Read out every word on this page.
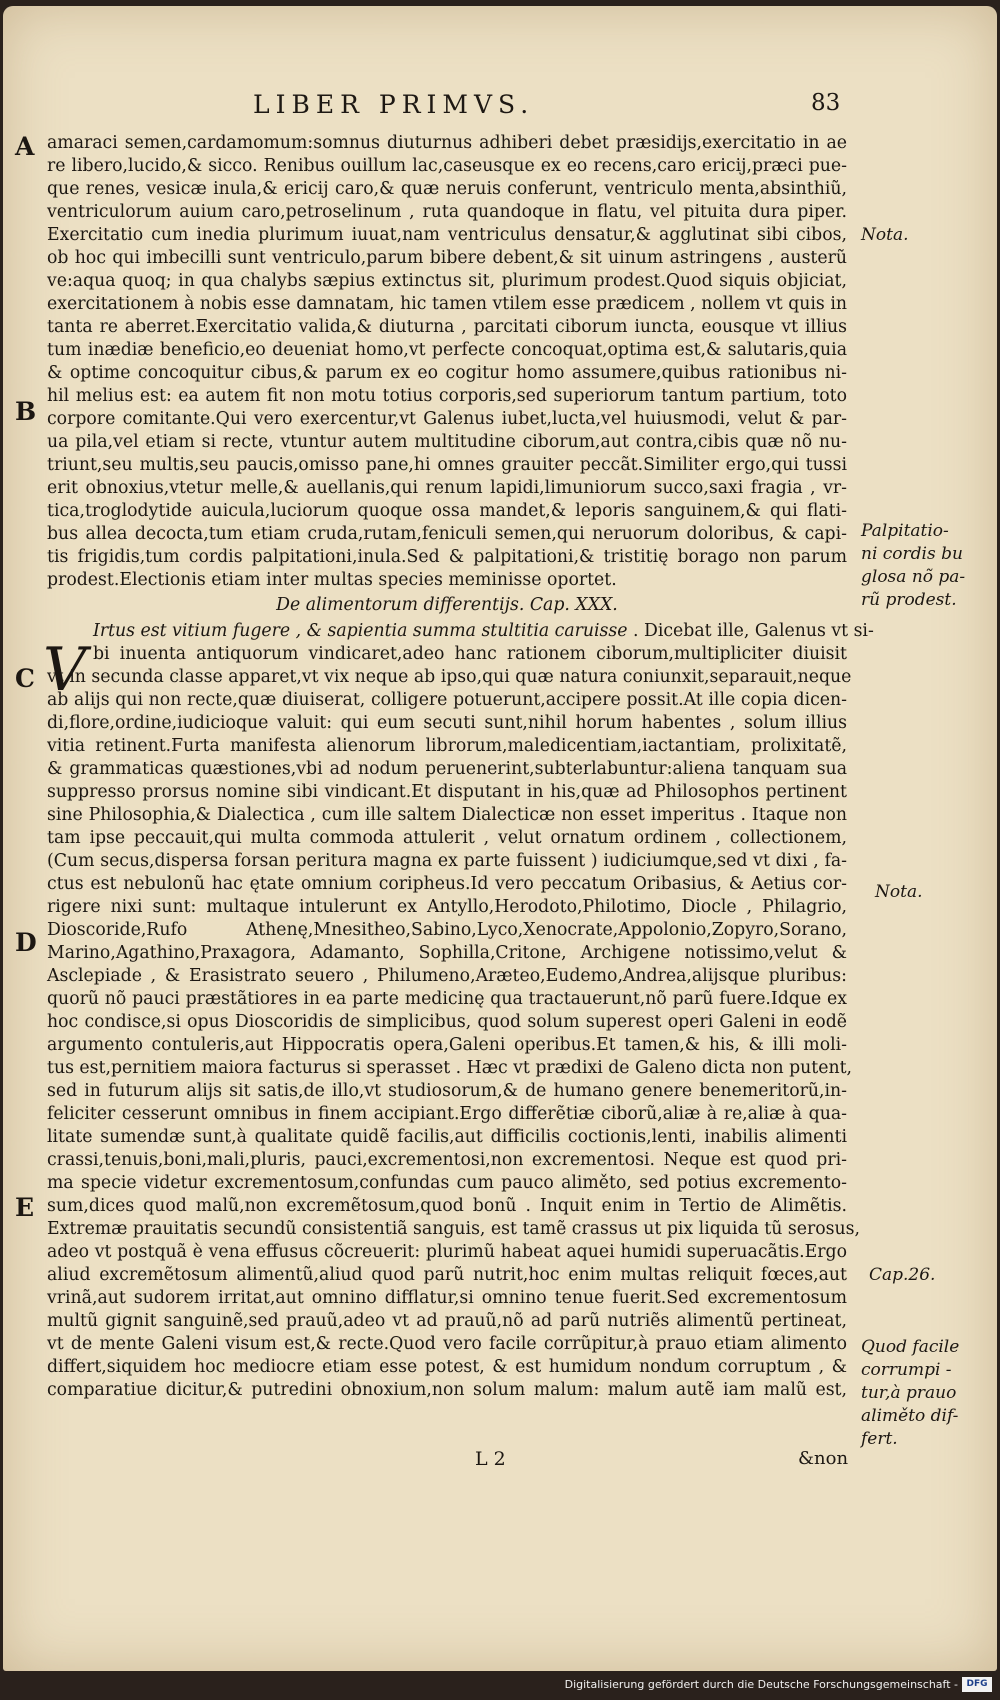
LIBER PRIMVS.	83
A
B
C
D
E
amaraci semen,cardamomum:somnus diuturnus adhiberi debet præsidijs,exercitatio in ae
re libero,lucido,& sicco. Renibus ouillum lac,caseusque ex eo recens,caro ericij,præci pue-
que renes, vesicæ inula,& ericij caro,& quæ neruis conferunt, ventriculo menta,absinthiũ,
ventriculorum auium caro,petroselinum , ruta quandoque in flatu, vel pituita dura piper.
Exercitatio cum inedia plurimum iuuat,nam ventriculus densatur,& agglutinat sibi cibos,
ob hoc qui imbecilli sunt ventriculo,parum bibere debent,& sit uinum astringens , austerũ
ve:aqua quoq; in qua chalybs sæpius extinctus sit, plurimum prodest.Quod siquis objiciat,
exercitationem à nobis esse damnatam, hic tamen vtilem esse prædicem , nollem vt quis in
tanta re aberret.Exercitatio valida,& diuturna , parcitati ciborum iuncta, eousque vt illius
tum inædiæ beneficio,eo deueniat homo,vt perfecte concoquat,optima est,& salutaris,quia
& optime concoquitur cibus,& parum ex eo cogitur homo assumere,quibus rationibus ni-
hil melius est: ea autem fit non motu totius corporis,sed superiorum tantum partium, toto
corpore comitante.Qui vero exercentur,vt Galenus iubet,lucta,vel huiusmodi, velut & par-
ua pila,vel etiam si recte, vtuntur autem multitudine ciborum,aut contra,cibis quæ nõ nu-
triunt,seu multis,seu paucis,omisso pane,hi omnes grauiter peccãt.Similiter ergo,qui tussi
erit obnoxius,vtetur melle,& auellanis,qui renum lapidi,limuniorum succo,saxi fragia , vr-
tica,troglodytide auicula,luciorum quoque ossa mandet,& leporis sanguinem,& qui flati-
bus allea decocta,tum etiam cruda,rutam,feniculi semen,qui neruorum doloribus, & capi-
tis frigidis,tum cordis palpitationi,inula.Sed & palpitationi,& tristitię borago non parum
prodest.Electionis etiam inter multas species meminisse oportet.
De alimentorum differentijs. Cap. XXX.
Irtus est vitium fugere , & sapientia summa stultitia caruisse . Dicebat ille, Galenus vt si-
bi inuenta antiquorum vindicaret,adeo hanc rationem ciborum,multipliciter diuisit
vt in secunda classe apparet,vt vix neque ab ipso,qui quæ natura coniunxit,separauit,neque
ab alijs qui non recte,quæ diuiserat, colligere potuerunt,accipere possit.At ille copia dicen-
di,flore,ordine,iudicioque valuit: qui eum secuti sunt,nihil horum habentes , solum illius
vitia retinent.Furta manifesta alienorum librorum,maledicentiam,iactantiam, prolixitatẽ,
& grammaticas quæstiones,vbi ad nodum peruenerint,subterlabuntur:aliena tanquam sua
suppresso prorsus nomine sibi vindicant.Et disputant in his,quæ ad Philosophos pertinent
sine Philosophia,& Dialectica , cum ille saltem Dialecticæ non esset imperitus . Itaque non
tam ipse peccauit,qui multa commoda attulerit , velut ornatum ordinem , collectionem,
(Cum secus,dispersa forsan peritura magna ex parte fuissent ) iudiciumque,sed vt dixi , fa-
ctus est nebulonũ hac ętate omnium coripheus.Id vero peccatum Oribasius, & Aetius cor-
rigere nixi sunt: multaque intulerunt ex Antyllo,Herodoto,Philotimo, Diocle , Philagrio,
Dioscoride,Rufo Athenę,Mnesitheo,Sabino,Lyco,Xenocrate,Appolonio,Zopyro,Sorano,
Marino,Agathino,Praxagora, Adamanto, Sophilla,Critone, Archigene notissimo,velut &
Asclepiade , & Erasistrato seuero , Philumeno,Aræteo,Eudemo,Andrea,alijsque pluribus:
quorũ nõ pauci præstãtiores in ea parte medicinę qua tractauerunt,nõ parũ fuere.Idque ex
hoc condisce,si opus Dioscoridis de simplicibus, quod solum superest operi Galeni in eodẽ
argumento contuleris,aut Hippocratis opera,Galeni operibus.Et tamen,& his, & illi moli-
tus est,pernitiem maiora facturus si sperasset . Hæc vt prædixi de Galeno dicta non putent,
sed in futurum alijs sit satis,de illo,vt studiosorum,& de humano genere benemeritorũ,in-
feliciter cesserunt omnibus in finem accipiant.Ergo differẽtiæ ciborũ,aliæ à re,aliæ à qua-
litate sumendæ sunt,à qualitate quidẽ facilis,aut difficilis coctionis,lenti, inabilis alimenti
crassi,tenuis,boni,mali,pluris, pauci,excrementosi,non excrementosi. Neque est quod pri-
ma specie videtur excrementosum,confundas cum pauco aliměto, sed potius excremento-
sum,dices quod malũ,non excremẽtosum,quod bonũ . Inquit enim in Tertio de Alimẽtis.
Extremæ prauitatis secundũ consistentiã sanguis, est tamẽ crassus ut pix liquida tũ serosus,
adeo vt postquã è vena effusus cõcreuerit: plurimũ habeat aquei humidi superuacãtis.Ergo
aliud excremẽtosum alimentũ,aliud quod parũ nutrit,hoc enim multas reliquit fœces,aut
vrinã,aut sudorem irritat,aut omnino difflatur,si omnino tenue fuerit.Sed excrementosum
multũ gignit sanguinẽ,sed prauũ,adeo vt ad prauũ,nõ ad parũ nutriẽs alimentũ pertineat,
vt de mente Galeni visum est,& recte.Quod vero facile corrũpitur,à prauo etiam alimento
differt,siquidem hoc mediocre etiam esse potest, & est humidum nondum corruptum , &
comparatiue dicitur,& putredini obnoxium,non solum malum: malum autẽ iam malũ est,
V
Nota.
Palpitatio-
ni cordis bu
glosa nõ pa-
rũ prodest.
Nota.
Cap.26.
Quod facile
corrumpi -
tur,à prauo
aliměto dif-
fert.
L 2	&non
Digitalisierung gefördert durch die Deutsche Forschungsgemeinschaft - DFG
